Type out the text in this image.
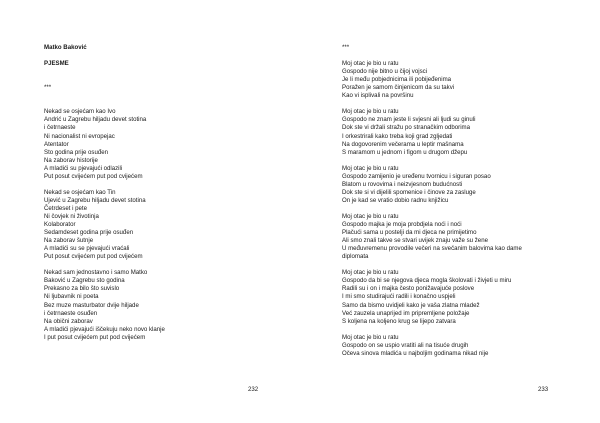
Matko Baković
PJESME
***
Nekad se osjećam kao Ivo
Andrić u Zagrebu hiljadu devet stotina
i četrnaeste
Ni nacionalist ni evropejac
Atentator
Sto godina prije osuđen
Na zaborav historije
A mladići su pjevajući odlazili
Put posut cvijećem put pod cvijećem
Nekad se osjećam kao Tin
Ujević u Zagrebu hiljadu devet stotina
Četrdeset i pete
Ni čovjek ni životinja
Kolaborator
Sedamdeset godina prije osuđen
Na zaborav šutnje
A mladići su se pjevajući vraćali
Put posut cvijećem put pod cvijećem
Nekad sam jednostavno i samo Matko
Baković u Zagrebu sto godina
Prekasno za bilo što suvislo
Ni ljubavnik ni poeta
Bez muze masturbator dvije hiljade
i četrnaeste osuđen
Na obični zaborav
A mladići pjevajući iščekuju neko novo klanje
I put posut cvijećem put pod cvijećem
232
***
Moj otac je bio u ratu
Gospodo nije bitno u čijoj vojsci
Je li među pobjednicima ili pobijeđenima
Poražen je samom činjenicom da su takvi
Kao vi isplivali na površinu
Moj otac je bio u ratu
Gospodo ne znam jeste li svjesni ali ljudi su ginuli
Dok ste vi držali stražu po stranačkim odborima
I orkestrirali kako treba koji grad zgljedati
Na dogovorenim večerama u leptir mašnama
S maramom u jednom i figom u drugom džepu
Moj otac je bio u ratu
Gospodo zamijenio je uređenu tvornicu i siguran posao
Blatom u rovovima i neizvjesnom budućnosti
Dok ste si vi dijelili spomenice i činove za zasluge
On je kad se vratio dobio radnu knjižicu
Moj otac je bio u ratu
Gospodo majka je moja probdjela noći i noći
Plačući sama u postelji da mi djeca ne primijetimo
Ali smo znali takve se stvari uvijek znaju važe su žene
U međuvremenu provodile večeri na svečanim balovima kao dame
diplomata
Moj otac je bio u ratu
Gospodo da bi se njegova djeca mogla školovati i živjeti u miru
Radili su i on i majka često ponižavajuće poslove
I mi smo studirajući radili i konačno uspjeli
Samo da bismo uvidjeli kako je vaša zlatna mladež
Već zauzela unaprijed im pripremljene položaje
S koljena na koljeno krug se lijepo zatvara
Moj otac je bio u ratu
Gospodo on se uspio vratiti ali na tisuće drugih
Očeva sinova mladića u najboljim godinama nikad nije
233
